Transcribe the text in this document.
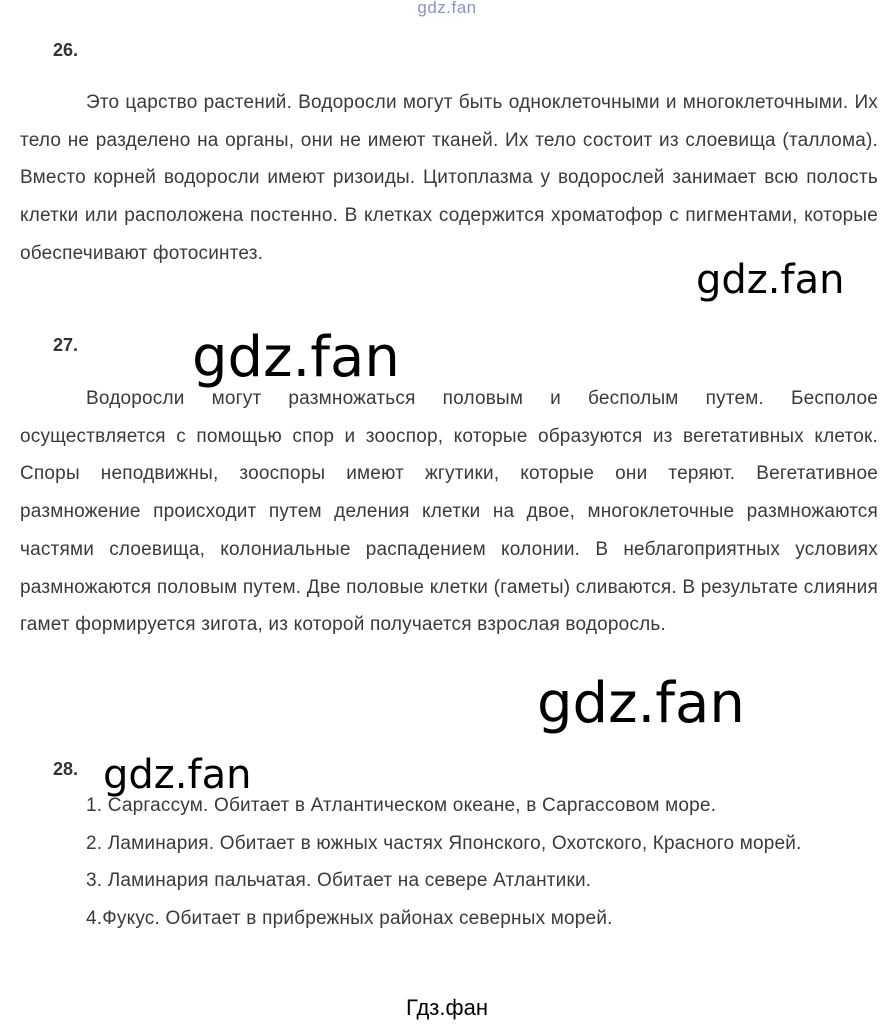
gdz.fan
26.
Это царство растений. Водоросли могут быть одноклеточными и многоклеточными. Их тело не разделено на органы, они не имеют тканей. Их тело состоит из слоевища (таллома). Вместо корней водоросли имеют ризоиды. Цитоплазма у водорослей занимает всю полость клетки или расположена постенно. В клетках содержится хроматофор с пигментами, которые обеспечивают фотосинтез.
27.
Водоросли могут размножаться половым и бесполым путем. Бесполое осуществляется с помощью спор и зооспор, которые образуются из вегетативных клеток. Споры неподвижны, зооспоры имеют жгутики, которые они теряют. Вегетативное размножение происходит путем деления клетки на двое, многоклеточные размножаются частями слоевища, колониальные распадением колонии. В неблагоприятных условиях размножаются половым путем. Две половые клетки (гаметы) сливаются. В результате слияния гамет формируется зигота, из которой получается взрослая водоросль.
28.
1. Саргассум. Обитает в Атлантическом океане, в Саргассовом море.
2. Ламинария. Обитает в южных частях Японского, Охотского, Красного морей.
3. Ламинария пальчатая. Обитает на севере Атлантики.
4.Фукус. Обитает в прибрежных районах северных морей.
gdz.fan
gdz.fan
gdz.fan
gdz.fan
Гдз.фан
